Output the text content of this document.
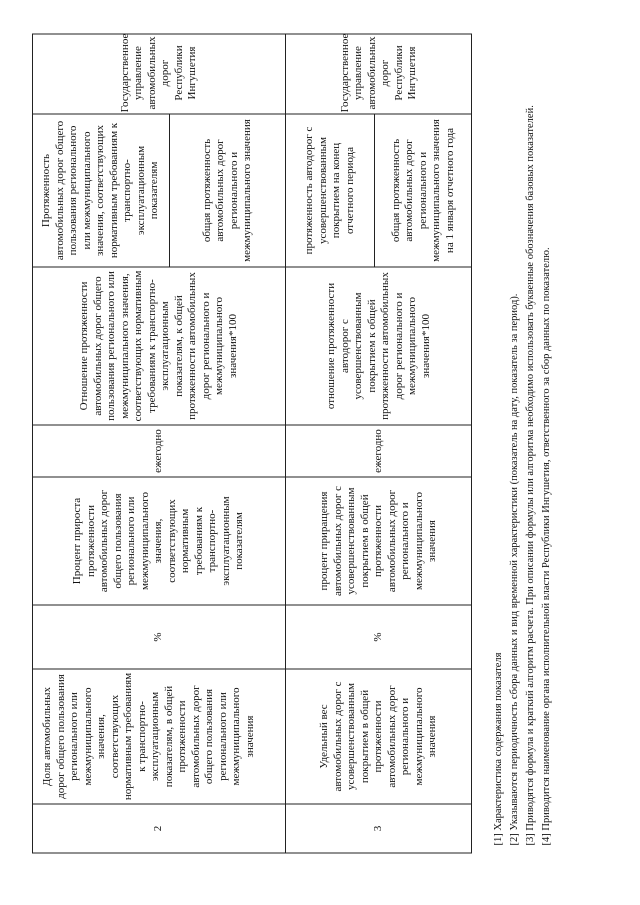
2
Доля автомобильных дорог общего пользования регионального или межмуниципального значения, соответствующих нормативным требованиям к транспортно-эксплуатационным показателям, в общей протяженности автомобильных дорог общего пользования регионального или межмуниципального значения
%
Процент прироста протяженности автомобильных дорог общего пользования регионального или межмуниципального значения, соответствующих нормативным требованиям к транспортно-эксплуатационным показателям
ежегодно
Отношение протяженности автомобильных дорог общего пользования регионального или межмуниципального значения, соответствующих нормативным требованиям к транспортно-эксплуатационным показателям, к общей протяженности автомобильных дорог регионального и межмуниципального значения*100
Протяженность автомобильных дорог общего пользования регионального или межмуниципального значения, соответствующих нормативным требованиям к транспортно-эксплуатационным показателям	общая протяженность автомобильных дорог регионального и межмуниципального значения
Государственное управление автомобильных дорог Республики Ингушетия
3
Удельный вес автомобильных дорог с усовершенствованным покрытием в общей протяженности автомобильных дорог регионального и межмуниципального значения
%
процент приращения автомобильных дорог с усовершенствованным покрытием в общей протяженности автомобильных дорог регионального и межмуниципального значения
ежегодно
отношение протяженности автодорог с усовершенствованным покрытием к общей протяженности автомобильных дорог регионального и межмуниципального значения*100
протяженность автодорог с усовершенствованным покрытием на конец отчетного периода	общая протяженность автомобильных дорог регионального и межмуниципального значения на 1 января отчетного года
Государственное управление автомобильных дорог Республики Ингушетия

[1] Характеристика содержания показателя [2] Указываются периодичность сбора данных и вид временной характеристики (показатель на дату, показатель за период). [3] Приводятся формула и краткий алгоритм расчета. При описании формулы или алгоритма необходимо использовать буквенные обозначения базовых показателей. [4] Приводится наименование органа исполнительной власти Республики Ингушетия, ответственного за сбор данных по показателю.
